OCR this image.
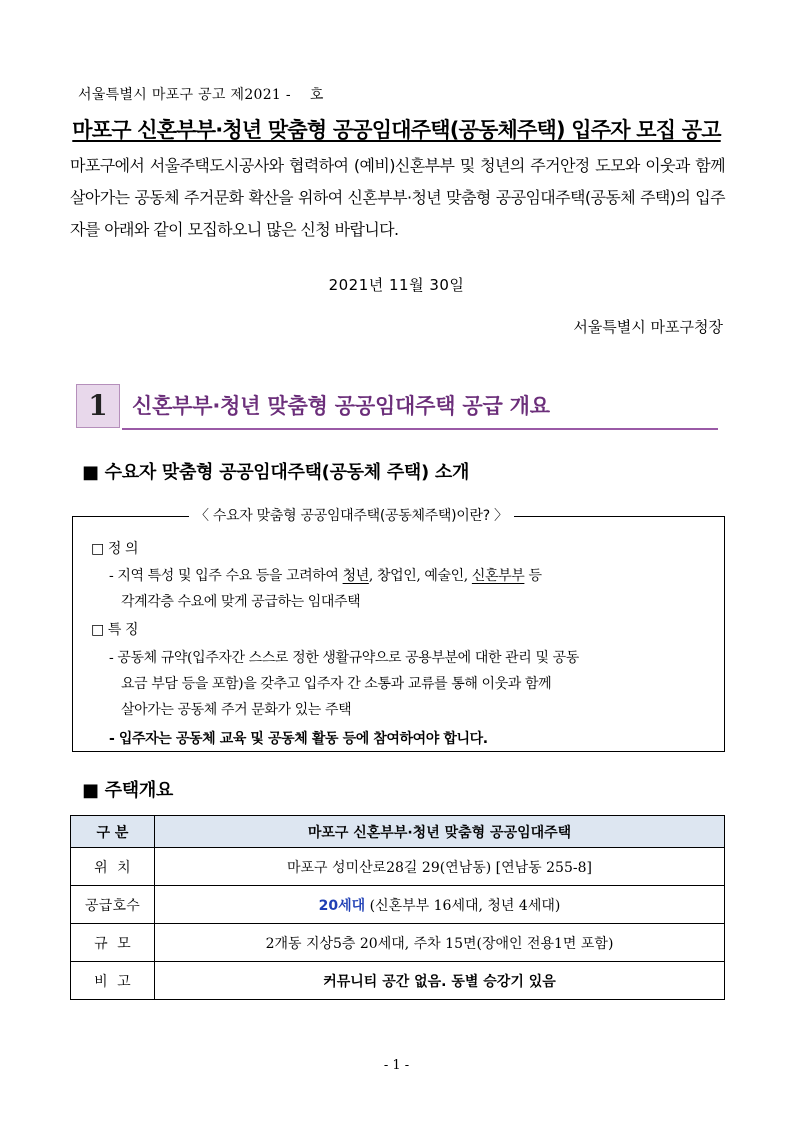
서울특별시 마포구 공고 제2021 -    호
마포구 신혼부부·청년 맞춤형 공공임대주택(공동체주택) 입주자 모집 공고
마포구에서 서울주택도시공사와 협력하여 (예비)신혼부부 및 청년의 주거안정 도모와 이웃과 함께 살아가는 공동체 주거문화 확산을 위하여 신혼부부·청년 맞춤형 공공임대주택(공동체 주택)의 입주자를 아래와 같이 모집하오니 많은 신청 바랍니다.
2021년 11월 30일
서울특별시 마포구청장
1	신혼부부·청년 맞춤형 공공임대주택 공급 개요
■ 수요자 맞춤형 공공임대주택(공동체 주택) 소개
〈 수요자 맞춤형 공공임대주택(공동체주택)이란? 〉
□ 정 의
- 지역 특성 및 입주 수요 등을 고려하여 청년, 창업인, 예술인, 신혼부부 등
각계각층 수요에 맞게 공급하는 임대주택
□ 특 징
- 공동체 규약(입주자간 스스로 정한 생활규약으로 공용부분에 대한 관리 및 공동
요금 부담 등을 포함)을 갖추고 입주자 간 소통과 교류를 통해 이웃과 함께
살아가는 공동체 주거 문화가 있는 주택
- 입주자는 공동체 교육 및 공동체 활동 등에 참여하여야 합니다.
■ 주택개요
구 분	마포구 신혼부부·청년 맞춤형 공공임대주택
위  치	마포구 성미산로28길 29(연남동) [연남동 255-8]
공급호수	20세대 (신혼부부 16세대, 청년 4세대)
규  모	2개동 지상5층 20세대, 주차 15면(장애인 전용1면 포함)
비  고	커뮤니티 공간 없음. 동별 승강기 있음
- 1 -
